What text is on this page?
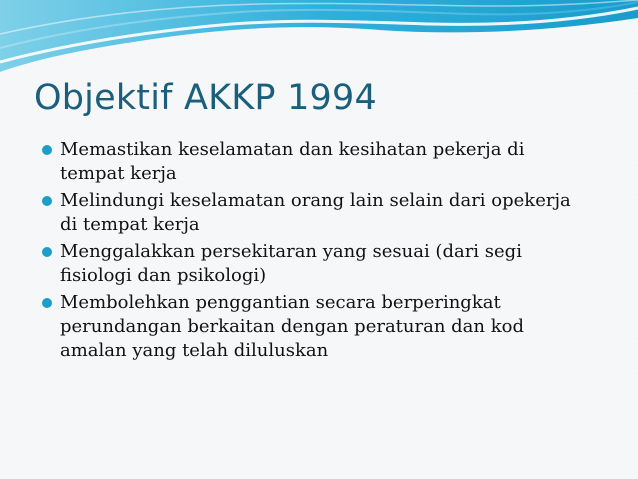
Objektif AKKP 1994
Memastikan keselamatan dan kesihatan pekerja di tempat kerja
Melindungi keselamatan orang lain selain dari opekerja di tempat kerja
Menggalakkan persekitaran yang sesuai (dari segi fisiologi dan psikologi)
Membolehkan penggantian secara berperingkat perundangan berkaitan dengan peraturan dan kod amalan yang telah diluluskan
